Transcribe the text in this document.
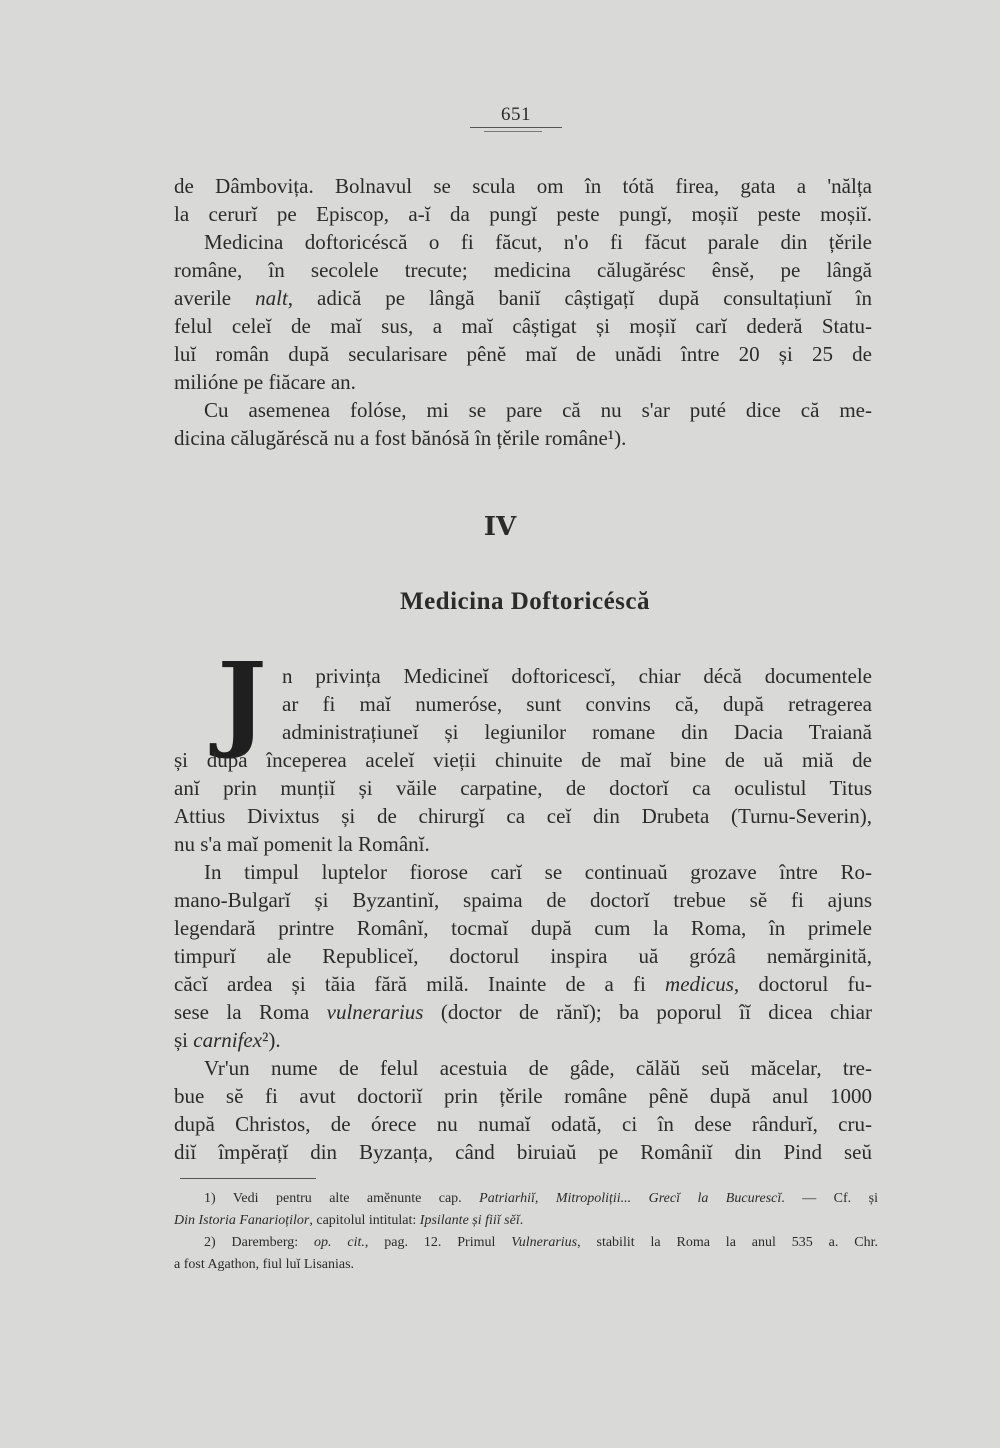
651
de Dâmbovița. Bolnavul se scula om în tótă firea, gata a 'nălța
la cerurĭ pe Episcop, a-ĭ da pungĭ peste pungĭ, moșiĭ peste moșiĭ.
Medicina doftoricéscă o fi făcut, n'o fi făcut parale din țěrile
române, în secolele trecute; medicina călugărésc ênsě, pe lângă
averile nalt, adică pe lângă baniĭ câștigațĭ după consultațiunĭ în
felul celeĭ de maĭ sus, a maĭ câștigat și moșiĭ carĭ dederă Statu-
luĭ român după secularisare pênĕ maĭ de unădi între 20 și 25 de
milióne pe fiăcare an.
Cu asemenea folóse, mi se pare că nu s'ar puté dice că me-
dicina călugăréscă nu a fost bănósă în țěrile române¹).
IV
Medicina Doftoricéscă
J n privința Medicineĭ doftoricescĭ, chiar décă documentele
ar fi maĭ numeróse, sunt convins că, după retragerea
administrațiuneĭ și legiunilor romane din Dacia Traiană
și după începerea aceleĭ vieții chinuite de maĭ bine de uă miă de
anĭ prin munțiĭ și văile carpatine, de doctorĭ ca oculistul Titus
Attius Divixtus și de chirurgĭ ca ceĭ din Drubeta (Turnu-Severin),
nu s'a maĭ pomenit la Românĭ.
In timpul luptelor fiorose carĭ se continuaŭ grozave între Ro-
mano-Bulgarĭ și Byzantinĭ, spaima de doctorĭ trebue sĕ fi ajuns
legendară printre Românĭ, tocmaĭ după cum la Roma, în primele
timpurĭ ale Republiceĭ, doctorul inspira uă grózâ nemărginită,
căcĭ ardea și tăia fără milă. Inainte de a fi medicus, doctorul fu-
sese la Roma vulnerarius (doctor de rănĭ); ba poporul îĭ dicea chiar
și carnifex²).
Vr'un nume de felul acestuia de gâde, călăŭ seŭ măcelar, tre-
bue sĕ fi avut doctoriĭ prin țěrile române pênĕ după anul 1000
după Christos, de órece nu numaĭ odată, ci în dese rândurĭ, cru-
diĭ împĕrațĭ din Byzanța, când biruiaŭ pe Româniĭ din Pind seŭ
1) Vedi pentru alte amĕnunte cap. Patriarhiĭ, Mitropoliții... Grecĭ la Bucurescĭ. — Cf. și
Din Istoria Fanarioților, capitolul intitulat: Ipsilante și fiiĭ sĕĭ.
2) Daremberg: op. cit., pag. 12. Primul Vulnerarius, stabilit la Roma la anul 535 a. Chr.
a fost Agathon, fiul luĭ Lisanias.
